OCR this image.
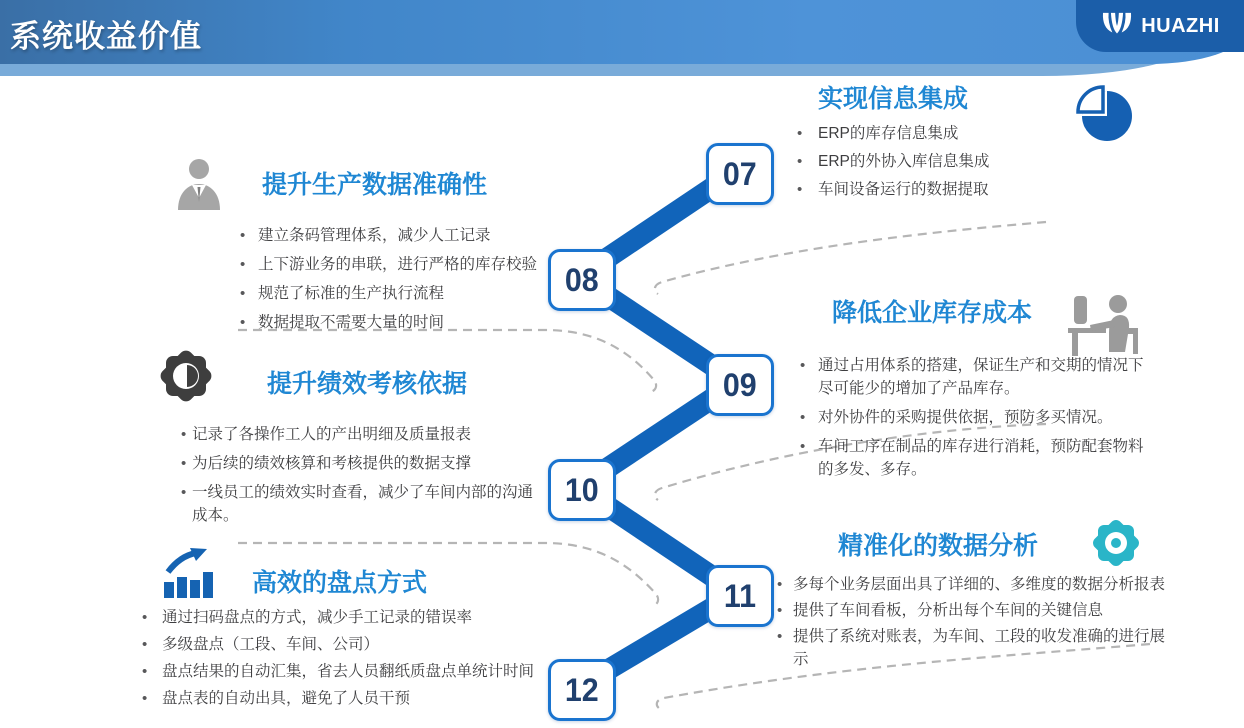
系统收益价值	HUAZHI
07
08
09
10
11
12
实现信息集成
• ERP的库存信息集成
• ERP的外协入库信息集成
• 车间设备运行的数据提取
提升生产数据准确性
• 建立条码管理体系，减少人工记录
• 上下游业务的串联，进行严格的库存校验
• 规范了标准的生产执行流程
• 数据提取不需要大量的时间
提升绩效考核依据
• 记录了各操作工人的产出明细及质量报表
• 为后续的绩效核算和考核提供的数据支撑
• 一线员工的绩效实时查看，减少了车间内部的沟通成本。
降低企业库存成本
• 通过占用体系的搭建，保证生产和交期的情况下尽可能少的增加了产品库存。
• 对外协件的采购提供依据，预防多买情况。
• 车间工序在制品的库存进行消耗，预防配套物料的多发、多存。
高效的盘点方式
• 通过扫码盘点的方式，减少手工记录的错误率
• 多级盘点（工段、车间、公司）
• 盘点结果的自动汇集，省去人员翻纸质盘点单统计时间
• 盘点表的自动出具，避免了人员干预
精准化的数据分析
• 多每个业务层面出具了详细的、多维度的数据分析报表
• 提供了车间看板，分析出每个车间的关键信息
• 提供了系统对账表，为车间、工段的收发准确的进行展示
